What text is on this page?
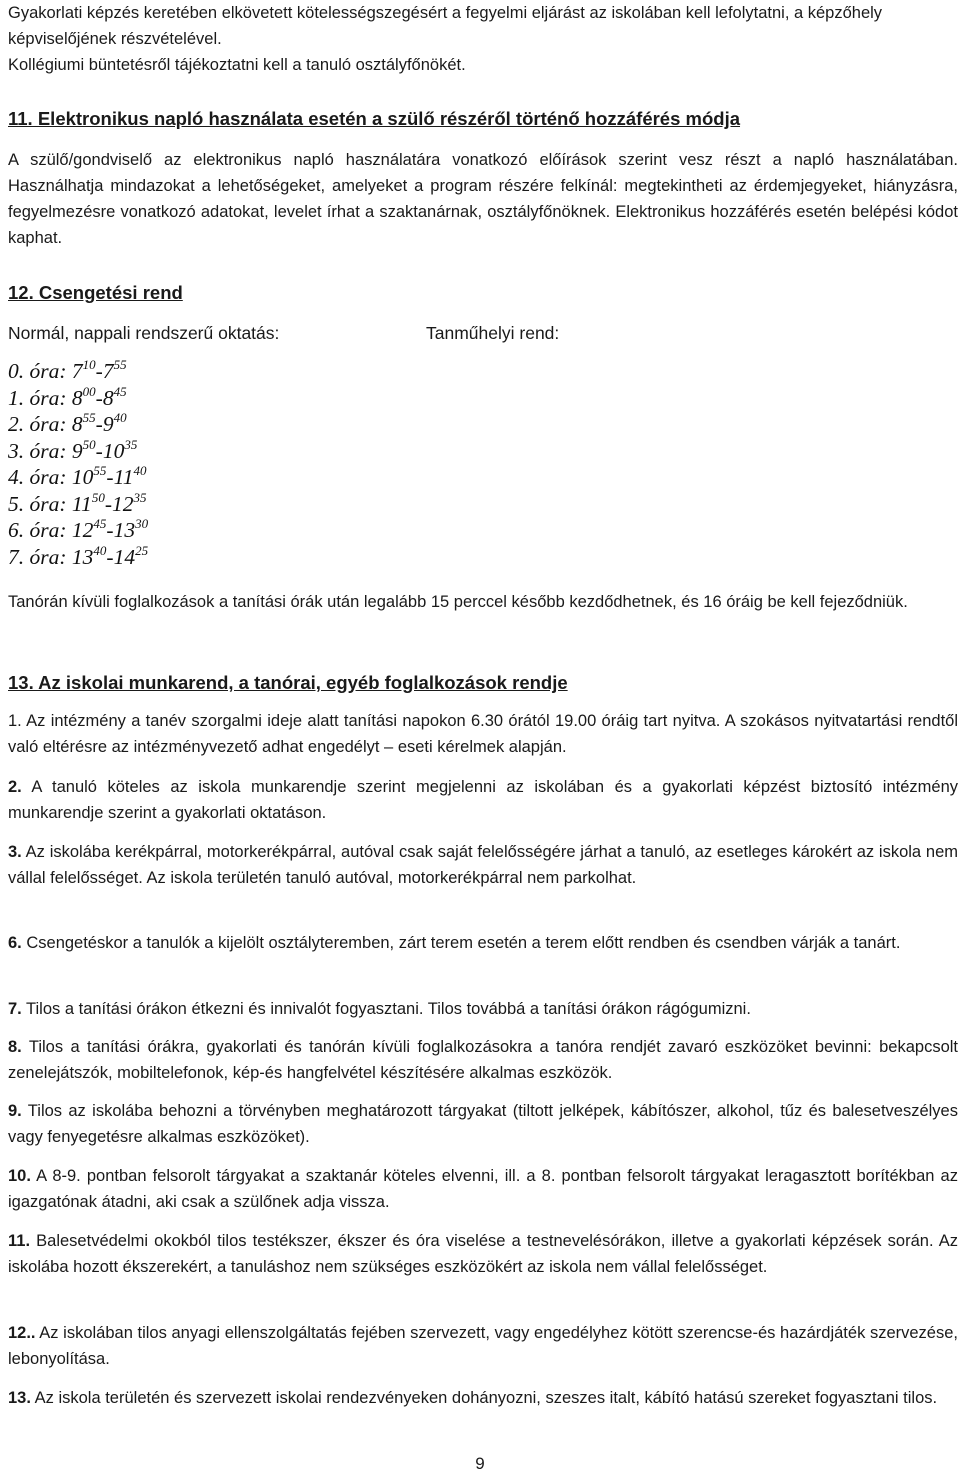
Gyakorlati képzés keretében elkövetett kötelességszegésért a fegyelmi eljárást az iskolában kell lefolytatni, a képzőhely képviselőjének részvételével.
Kollégiumi büntetésről tájékoztatni kell a tanuló osztályfőnökét.

11. Elektronikus napló használata esetén a szülő részéről történő hozzáférés módja

A szülő/gondviselő az elektronikus napló használatára vonatkozó előírások szerint vesz részt a napló használatában. Használhatja mindazokat a lehetőségeket, amelyeket a program részére felkínál: megtekintheti az érdemjegyeket, hiányzásra, fegyelmezésre vonatkozó adatokat, levelet írhat a szaktanárnak, osztályfőnöknek. Elektronikus hozzáférés esetén belépési kódot kaphat.

12. Csengetési rend
Normál, nappali rendszerű oktatás:	Tanműhelyi rend:
0. óra: $7^{10}-7^{55}$
1. óra: $8^{00}-8^{45}$
2. óra: $8^{55}-9^{40}$
3. óra: $9^{50}-10^{35}$
4. óra: $10^{55}-11^{40}$
5. óra: $11^{50}-12^{35}$
6. óra: $12^{45}-13^{30}$
7. óra: $13^{40}-14^{25}$

Tanórán kívüli foglalkozások a tanítási órák után legalább 15 perccel később kezdődhetnek, és 16 óráig be kell fejeződniük.

13. Az iskolai munkarend, a tanórai, egyéb foglalkozások rendje

1. Az intézmény a tanév szorgalmi ideje alatt tanítási napokon 6.30 órától 19.00 óráig tart nyitva. A szokásos nyitvatartási rendtől való eltérésre az intézményvezető adhat engedélyt – eseti kérelmek alapján.

2. A tanuló köteles az iskola munkarendje szerint megjelenni az iskolában és a gyakorlati képzést biztosító intézmény munkarendje szerint a gyakorlati oktatáson.

3. Az iskolába kerékpárral, motorkerékpárral, autóval csak saját felelősségére járhat a tanuló, az esetleges károkért az iskola nem vállal felelősséget. Az iskola területén tanuló autóval, motorkerékpárral nem parkolhat.

6. Csengetéskor a tanulók a kijelölt osztályteremben, zárt terem esetén a terem előtt rendben és csendben várják a tanárt.

7. Tilos a tanítási órákon étkezni és innivalót fogyasztani. Tilos továbbá a tanítási órákon rágógumizni.

8. Tilos a tanítási órákra, gyakorlati és tanórán kívüli foglalkozásokra a tanóra rendjét zavaró eszközöket bevinni: bekapcsolt zenelejátszók, mobiltelefonok, kép-és hangfelvétel készítésére alkalmas eszközök.

9. Tilos az iskolába behozni a törvényben meghatározott tárgyakat (tiltott jelképek, kábítószer, alkohol, tűz és balesetveszélyes vagy fenyegetésre alkalmas eszközöket).

10. A 8-9. pontban felsorolt tárgyakat a szaktanár köteles elvenni, ill. a 8. pontban felsorolt tárgyakat leragasztott borítékban az igazgatónak átadni, aki csak a szülőnek adja vissza.

11. Balesetvédelmi okokból tilos testékszer, ékszer és óra viselése a testnevelésórákon, illetve a gyakorlati képzések során. Az iskolába hozott ékszerekért, a tanuláshoz nem szükséges eszközökért az iskola nem vállal felelősséget.

12.. Az iskolában tilos anyagi ellenszolgáltatás fejében szervezett, vagy engedélyhez kötött szerencse-és hazárdjáték szervezése, lebonyolítása.

13. Az iskola területén és szervezett iskolai rendezvényeken dohányozni, szeszes italt, kábító hatású szereket fogyasztani tilos.

9
